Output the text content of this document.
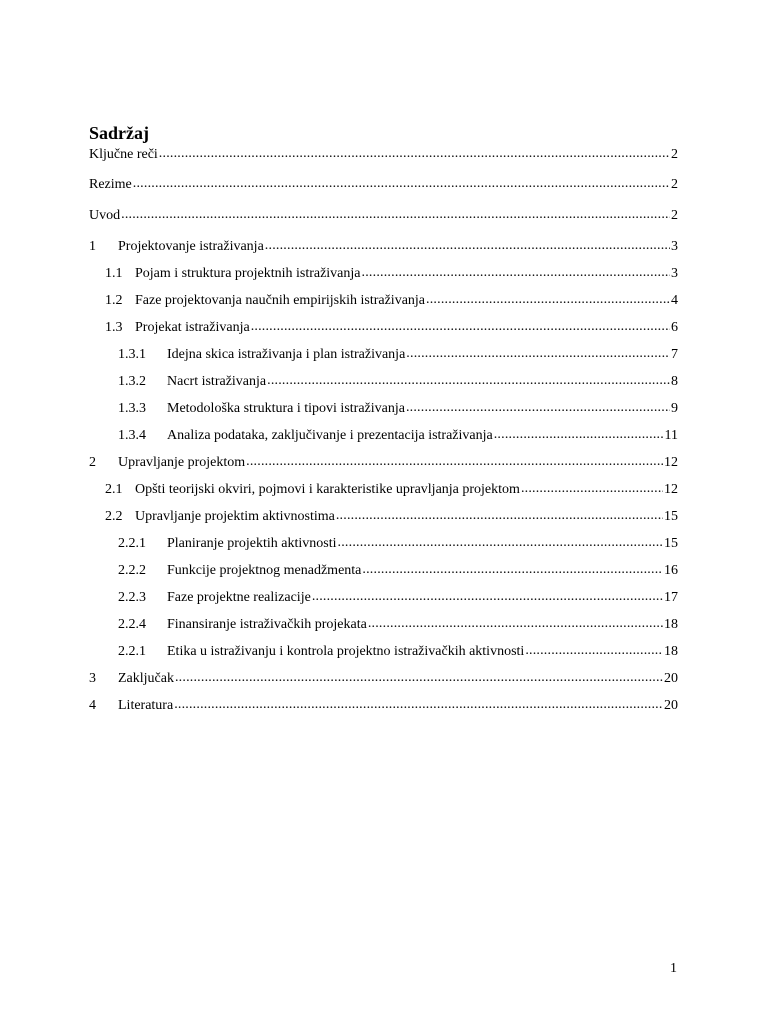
Sadržaj
Ključne reči .....	2
Rezime .....	2
Uvod .....	2
1	Projektovanje istraživanja .....	3
1.1 Pojam i struktura projektnih istraživanja .....	3
1.2 Faze projektovanja naučnih empirijskih istraživanja .....	4
1.3 Projekat istraživanja .....	6
1.3.1	Idejna skica istraživanja i plan istraživanja .....	7
1.3.2	Nacrt istraživanja .....	8
1.3.3	Metodološka struktura i tipovi istraživanja .....	9
1.3.4	Analiza podataka, zaključivanje i prezentacija istraživanja .....	11
2	Upravljanje projektom .....	12
2.1 Opšti teorijski okviri, pojmovi i karakteristike upravljanja projektom .....	12
2.2 Upravljanje projektim aktivnostima .....	15
2.2.1	Planiranje projektih aktivnosti .....	15
2.2.2	Funkcije projektnog menadžmenta .....	16
2.2.3	Faze projektne realizacije .....	17
2.2.4	Finansiranje istraživačkih projekata .....	18
2.2.1	Etika u istraživanju i kontrola projektno istraživačkih aktivnosti .....	18
3	Zaključak .....	20
4	Literatura .....	20
1
